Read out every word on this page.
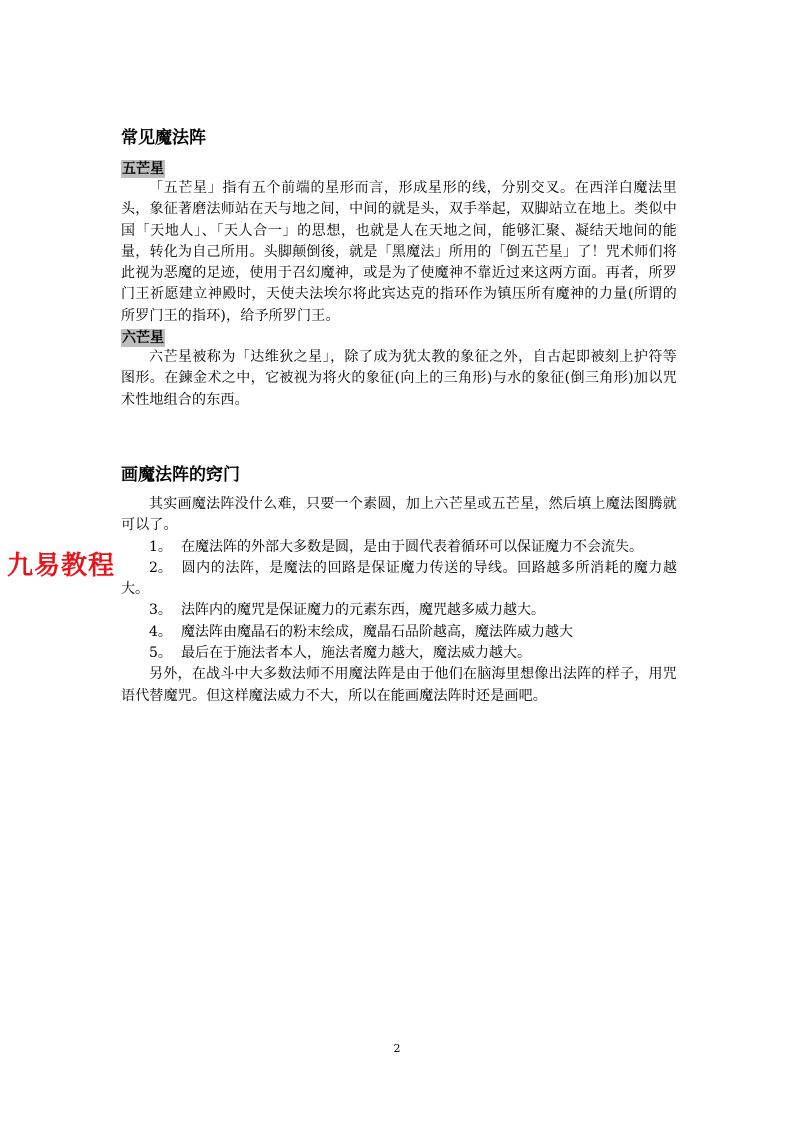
常见魔法阵
五芒星

「五芒星」指有五个前端的星形而言，形成星形的线，分别交叉。在西洋白魔法里头，象征著磨法师站在天与地之间，中间的就是头，双手举起，双脚站立在地上。类似中国「天地人」、「天人合一」的思想，也就是人在天地之间，能够汇聚、凝结天地间的能量，转化为自己所用。头脚颠倒後，就是「黑魔法」所用的「倒五芒星」了！咒术师们将此视为恶魔的足迹，使用于召幻魔神，或是为了使魔神不靠近过来这两方面。再者，所罗门王祈愿建立神殿时，天使夫法埃尔将此宾达克的指环作为镇压所有魔神的力量(所谓的所罗门王的指环)，给予所罗门王。

六芒星

六芒星被称为「达维狄之星」，除了成为犹太教的象征之外，自古起即被刻上护符等图形。在鍊金术之中，它被视为将火的象征(向上的三角形)与水的象征(倒三角形)加以咒术性地组合的东西。

画魔法阵的窍门

其实画魔法阵没什么难，只要一个素圆，加上六芒星或五芒星，然后填上魔法图腾就可以了。

1。 在魔法阵的外部大多数是圆，是由于圆代表着循环可以保证魔力不会流失。

2。 圆内的法阵，是魔法的回路是保证魔力传送的导线。回路越多所消耗的魔力越大。

3。 法阵内的魔咒是保证魔力的元素东西，魔咒越多威力越大。

4。 魔法阵由魔晶石的粉末绘成，魔晶石品阶越高，魔法阵威力越大

5。 最后在于施法者本人，施法者魔力越大，魔法威力越大。

另外，在战斗中大多数法师不用魔法阵是由于他们在脑海里想像出法阵的样子，用咒语代替魔咒。但这样魔法威力不大，所以在能画魔法阵时还是画吧。

九易教程
2
